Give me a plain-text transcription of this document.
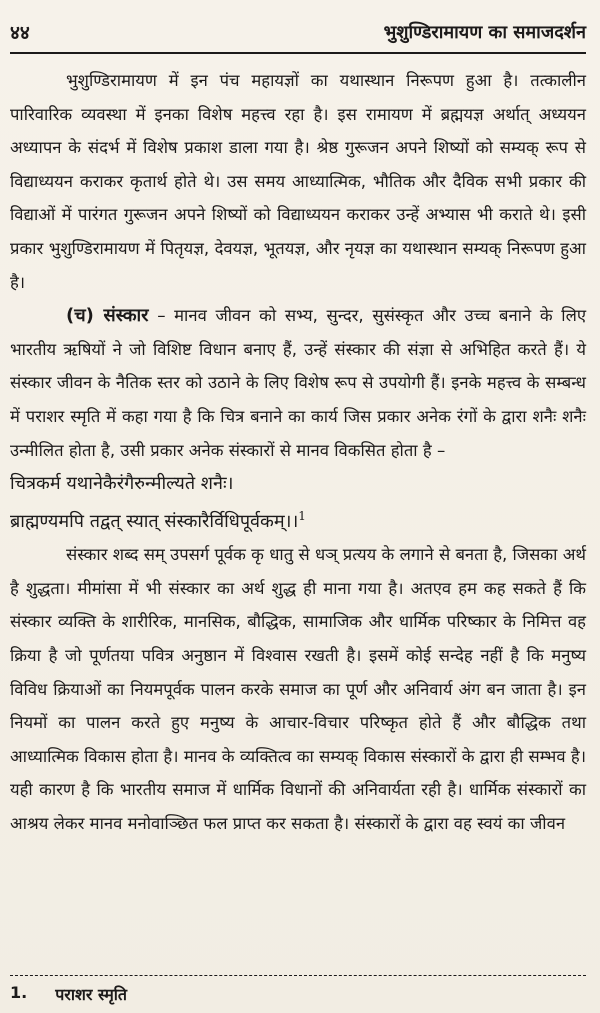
४४	भुशुण्डिरामायण का समाजदर्शन

भुशुण्डिरामायण में इन पंच महायज्ञों का यथास्थान निरूपण हुआ है। तत्कालीन पारिवारिक व्यवस्था में इनका विशेष महत्त्व रहा है। इस रामायण में ब्रह्मयज्ञ अर्थात् अध्ययन अध्यापन के संदर्भ में विशेष प्रकाश डाला गया है। श्रेष्ठ गुरूजन अपने शिष्यों को सम्यक् रूप से विद्याध्ययन कराकर कृतार्थ होते थे। उस समय आध्यात्मिक, भौतिक और दैविक सभी प्रकार की विद्याओं में पारंगत गुरूजन अपने शिष्यों को विद्याध्ययन कराकर उन्हें अभ्यास भी कराते थे। इसी प्रकार भुशुण्डिरामायण में पितृयज्ञ, देवयज्ञ, भूतयज्ञ, और नृयज्ञ का यथास्थान सम्यक् निरूपण हुआ है।

(च) संस्कार – मानव जीवन को सभ्य, सुन्दर, सुसंस्कृत और उच्च बनाने के लिए भारतीय ऋषियों ने जो विशिष्ट विधान बनाए हैं, उन्हें संस्कार की संज्ञा से अभिहित करते हैं। ये संस्कार जीवन के नैतिक स्तर को उठाने के लिए विशेष रूप से उपयोगी हैं। इनके महत्त्व के सम्बन्ध में पराशर स्मृति में कहा गया है कि चित्र बनाने का कार्य जिस प्रकार अनेक रंगों के द्वारा शनैः शनैः उन्मीलित होता है, उसी प्रकार अनेक संस्कारों से मानव विकसित होता है –

चित्रकर्म यथानेकैरंगैरुन्मील्यते शनैः।

ब्राह्मण्यमपि तद्वत् स्यात् संस्कारैर्विधिपूर्वकम्।।$^1$

संस्कार शब्द सम् उपसर्ग पूर्वक कृ धातु से धञ् प्रत्यय के लगाने से बनता है, जिसका अर्थ है शुद्धता। मीमांसा में भी संस्कार का अर्थ शुद्ध ही माना गया है। अतएव हम कह सकते हैं कि संस्कार व्यक्ति के शारीरिक, मानसिक, बौद्धिक, सामाजिक और धार्मिक परिष्कार के निमित्त वह क्रिया है जो पूर्णतया पवित्र अनुष्ठान में विश्वास रखती है। इसमें कोई सन्देह नहीं है कि मनुष्य विविध क्रियाओं का नियमपूर्वक पालन करके समाज का पूर्ण और अनिवार्य अंग बन जाता है। इन नियमों का पालन करते हुए मनुष्य के आचार-विचार परिष्कृत होते हैं और बौद्धिक तथा आध्यात्मिक विकास होता है। मानव के व्यक्तित्व का सम्यक् विकास संस्कारों के द्वारा ही सम्भव है। यही कारण है कि भारतीय समाज में धार्मिक विधानों की अनिवार्यता रही है। धार्मिक संस्कारों का आश्रय लेकर मानव मनोवाञ्छित फल प्राप्त कर सकता है। संस्कारों के द्वारा वह स्वयं का जीवन

1. पराशर स्मृति
